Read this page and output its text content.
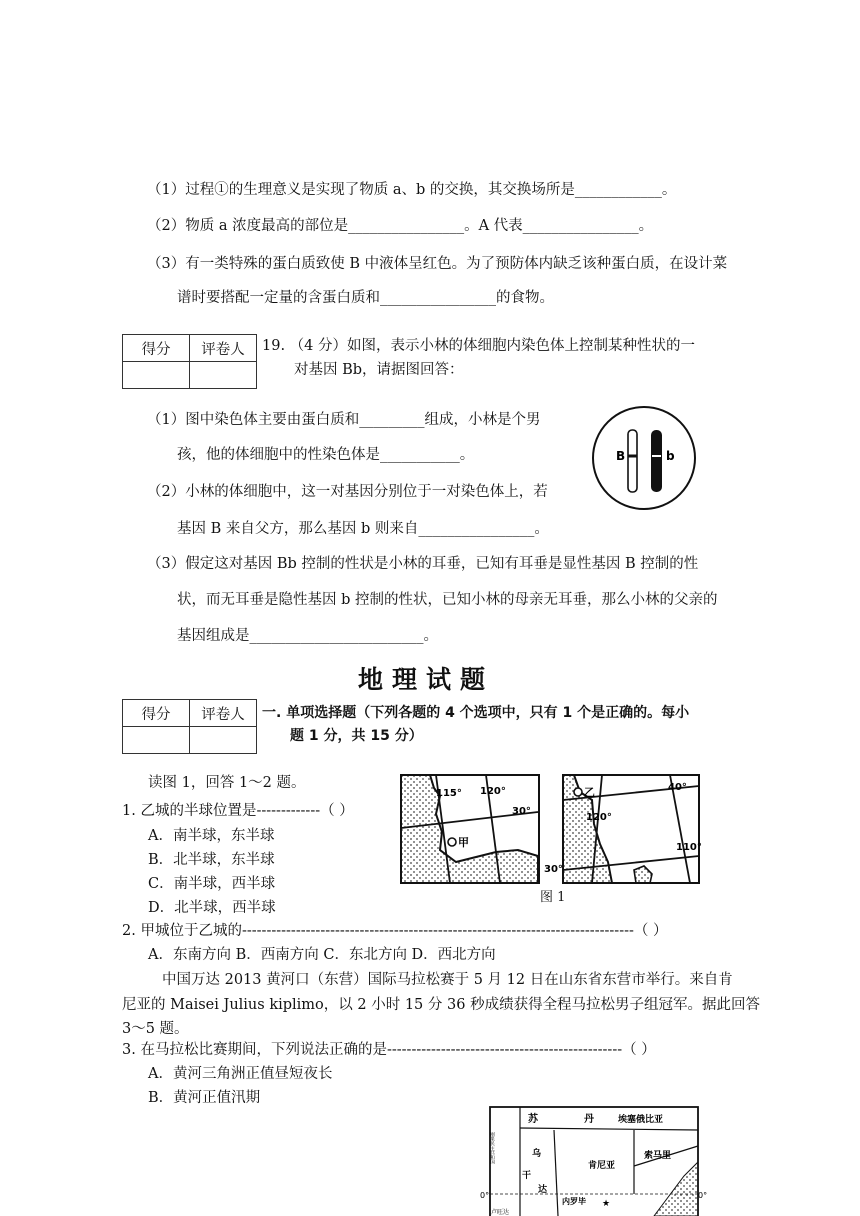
（1）过程①的生理意义是实现了物质 a、b 的交换，其交换场所是____________。
（2）物质 a 浓度最高的部位是________________。A 代表________________。
（3）有一类特殊的蛋白质致使 B 中液体呈红色。为了预防体内缺乏该种蛋白质，在设计菜
谱时要搭配一定量的含蛋白质和________________的食物。
得分	评卷人
	19. （4 分）如图，表示小林的体细胞内染色体上控制某种性状的一
对基因 Bb，请据图回答：
（1）图中染色体主要由蛋白质和_________组成，小林是个男
孩，他的体细胞中的性染色体是___________。
（2）小林的体细胞中，这一对基因分别位于一对染色体上，若
基因 B 来自父方，那么基因 b 则来自________________。
B	b
（3）假定这对基因 Bb 控制的性状是小林的耳垂，已知有耳垂是显性基因 B 控制的性
状，而无耳垂是隐性基因 b 控制的性状，已知小林的母亲无耳垂，那么小林的父亲的
基因组成是________________________。
地理试题
得分	评卷人
	一. 单项选择题（下列各题的 4 个选项中，只有 1 个是正确的。每小
题 1 分，共 15 分）
读图 1，回答 1～2 题。
1. 乙城的半球位置是-------------（ ）
A．南半球，东半球
B．北半球，东半球
C．南半球，西半球
D．北半球，西半球
115° 120°
30°
甲
乙
120°
40°
110°
30°
图 1
2. 甲城位于乙城的--------------------------------------------------------------------------------（ ）
A．东南方向 B．西南方向 C．东北方向 D．西北方向
中国万达 2013 黄河口（东营）国际马拉松赛于 5 月 12 日在山东省东营市举行。来自肯
尼亚的 Maisei Julius kiplimo，以 2 小时 15 分 36 秒成绩获得全程马拉松男子组冠军。据此回答
3～5 题。
3. 在马拉松比赛期间，下列说法正确的是------------------------------------------------（ ）
A．黄河三角洲正值昼短夜长
B．黄河正值汛期
苏	丹	埃塞俄比亚
乌
干
肯尼亚
索马里
达
内罗毕 ★
0°	0°
刚果民主共和国
卢旺达
